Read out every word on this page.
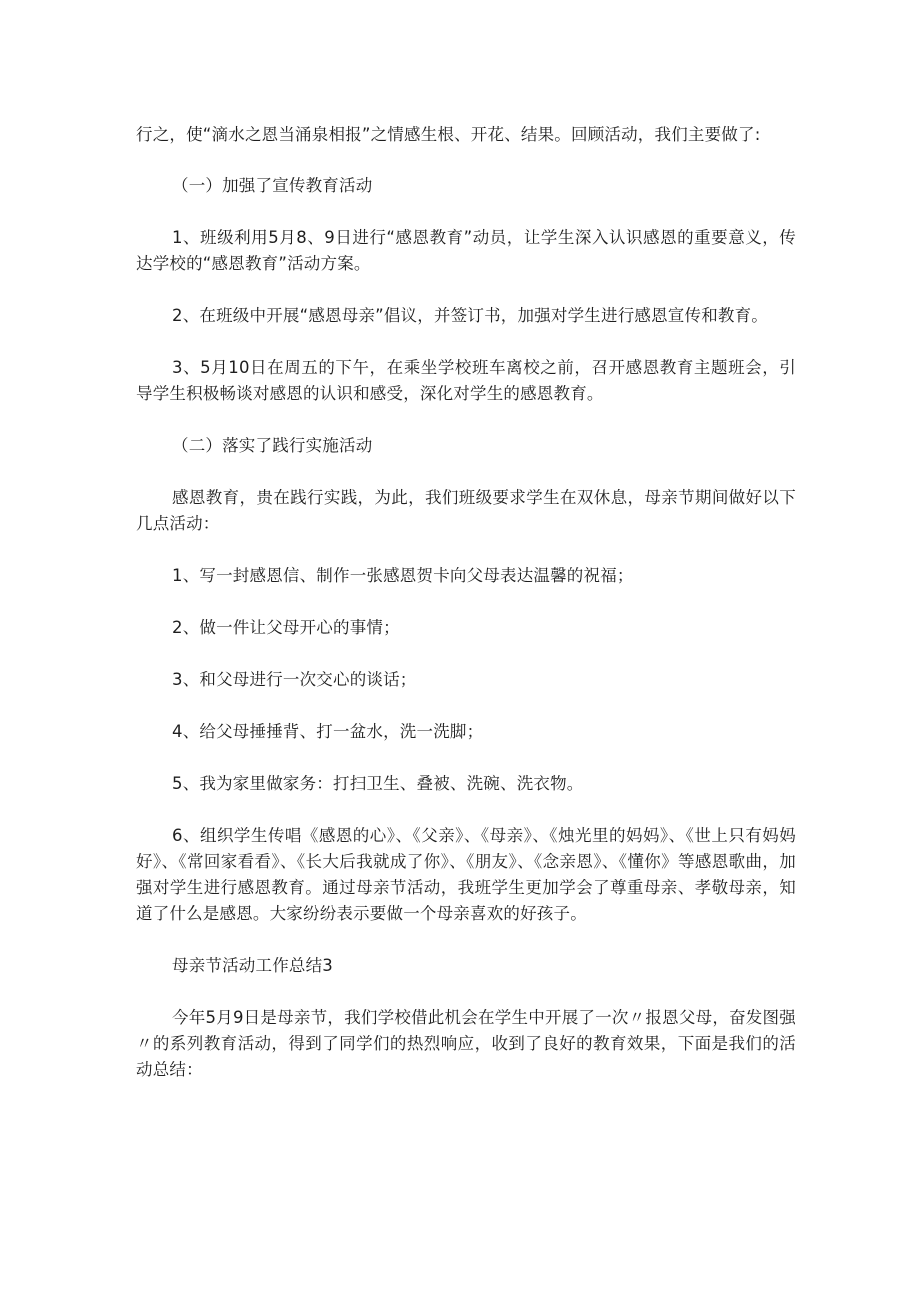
行之，使“滴水之恩当涌泉相报”之情感生根、开花、结果。回顾活动，我们主要做了:

（一）加强了宣传教育活动

1、班级利用5月8、9日进行“感恩教育”动员，让学生深入认识感恩的重要意义，传达学校的“感恩教育”活动方案。

2、在班级中开展“感恩母亲”倡议，并签订书，加强对学生进行感恩宣传和教育。

3、5月10日在周五的下午，在乘坐学校班车离校之前，召开感恩教育主题班会，引导学生积极畅谈对感恩的认识和感受，深化对学生的感恩教育。

（二）落实了践行实施活动

感恩教育，贵在践行实践，为此，我们班级要求学生在双休息，母亲节期间做好以下几点活动：

1、写一封感恩信、制作一张感恩贺卡向父母表达温馨的祝福；

2、做一件让父母开心的事情；

3、和父母进行一次交心的谈话；

4、给父母捶捶背、打一盆水，洗一洗脚；

5、我为家里做家务：打扫卫生、叠被、洗碗、洗衣物。

6、组织学生传唱《感恩的心》、《父亲》、《母亲》、《烛光里的妈妈》、《世上只有妈妈好》、《常回家看看》、《长大后我就成了你》、《朋友》、《念亲恩》、《懂你》等感恩歌曲，加强对学生进行感恩教育。通过母亲节活动，我班学生更加学会了尊重母亲、孝敬母亲，知道了什么是感恩。大家纷纷表示要做一个母亲喜欢的好孩子。

母亲节活动工作总结3

今年5月9日是母亲节，我们学校借此机会在学生中开展了一次〃报恩父母，奋发图强〃的系列教育活动，得到了同学们的热烈响应，收到了良好的教育效果，下面是我们的活动总结：
